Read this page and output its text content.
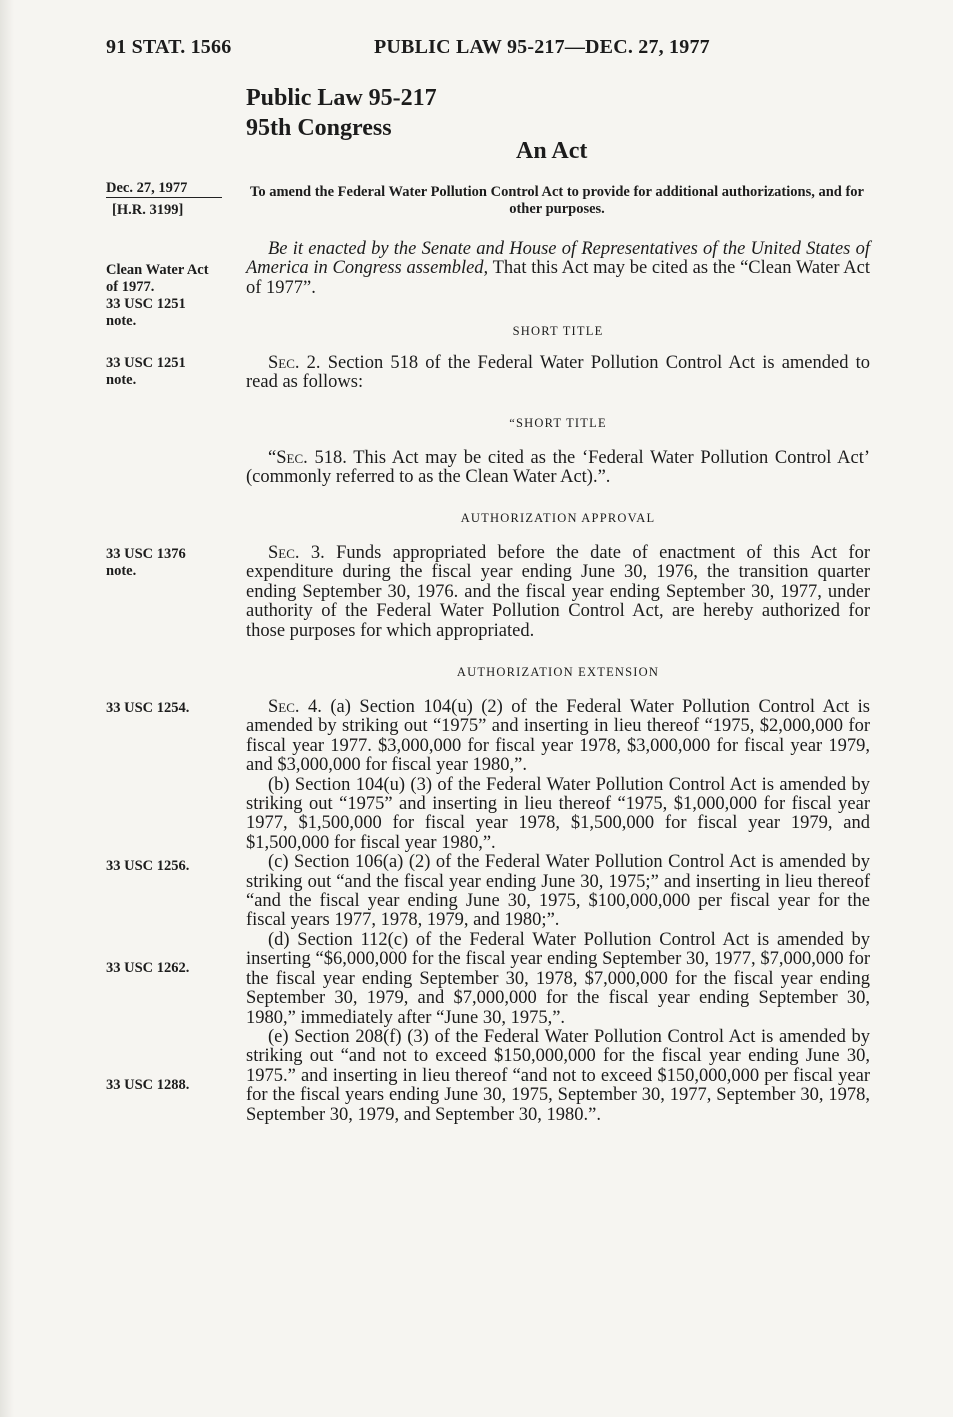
91 STAT. 1566	PUBLIC LAW 95-217—DEC. 27, 1977
Public Law 95-217
95th Congress
An Act
Dec. 27, 1977
[H.R. 3199]
Clean Water Act
of 1977.
33 USC 1251
note.
33 USC 1251
note.
33 USC 1376
note.
33 USC 1254.
33 USC 1256.
33 USC 1262.
33 USC 1288.
To amend the Federal Water Pollution Control Act to provide for additional authorizations, and for other purposes.
Be it enacted by the Senate and House of Representatives of the United States of America in Congress assembled, That this Act may be cited as the “Clean Water Act of 1977”.
SHORT TITLE
Sec. 2. Section 518 of the Federal Water Pollution Control Act is amended to read as follows:
“SHORT TITLE
“Sec. 518. This Act may be cited as the ‘Federal Water Pollution Control Act’ (commonly referred to as the Clean Water Act).”.
AUTHORIZATION APPROVAL
Sec. 3. Funds appropriated before the date of enactment of this Act for expenditure during the fiscal year ending June 30, 1976, the transition quarter ending September 30, 1976. and the fiscal year ending September 30, 1977, under authority of the Federal Water Pollution Control Act, are hereby authorized for those purposes for which appropriated.
AUTHORIZATION EXTENSION

Sec. 4. (a) Section 104(u) (2) of the Federal Water Pollution Control Act is amended by striking out “1975” and inserting in lieu thereof “1975, $2,000,000 for fiscal year 1977. $3,000,000 for fiscal year 1978, $3,000,000 for fiscal year 1979, and $3,000,000 for fiscal year 1980,”.

(b) Section 104(u) (3) of the Federal Water Pollution Control Act is amended by striking out “1975” and inserting in lieu thereof “1975, $1,000,000 for fiscal year 1977, $1,500,000 for fiscal year 1978, $1,500,000 for fiscal year 1979, and $1,500,000 for fiscal year 1980,”.

(c) Section 106(a) (2) of the Federal Water Pollution Control Act is amended by striking out “and the fiscal year ending June 30, 1975;” and inserting in lieu thereof “and the fiscal year ending June 30, 1975, $100,000,000 per fiscal year for the fiscal years 1977, 1978, 1979, and 1980;”.

(d) Section 112(c) of the Federal Water Pollution Control Act is amended by inserting “$6,000,000 for the fiscal year ending September 30, 1977, $7,000,000 for the fiscal year ending September 30, 1978, $7,000,000 for the fiscal year ending September 30, 1979, and $7,000,000 for the fiscal year ending September 30, 1980,” immediately after “June 30, 1975,”.

(e) Section 208(f) (3) of the Federal Water Pollution Control Act is amended by striking out “and not to exceed $150,000,000 for the fiscal year ending June 30, 1975.” and inserting in lieu thereof “and not to exceed $150,000,000 per fiscal year for the fiscal years ending June 30, 1975, September 30, 1977, September 30, 1978, September 30, 1979, and September 30, 1980.”.
